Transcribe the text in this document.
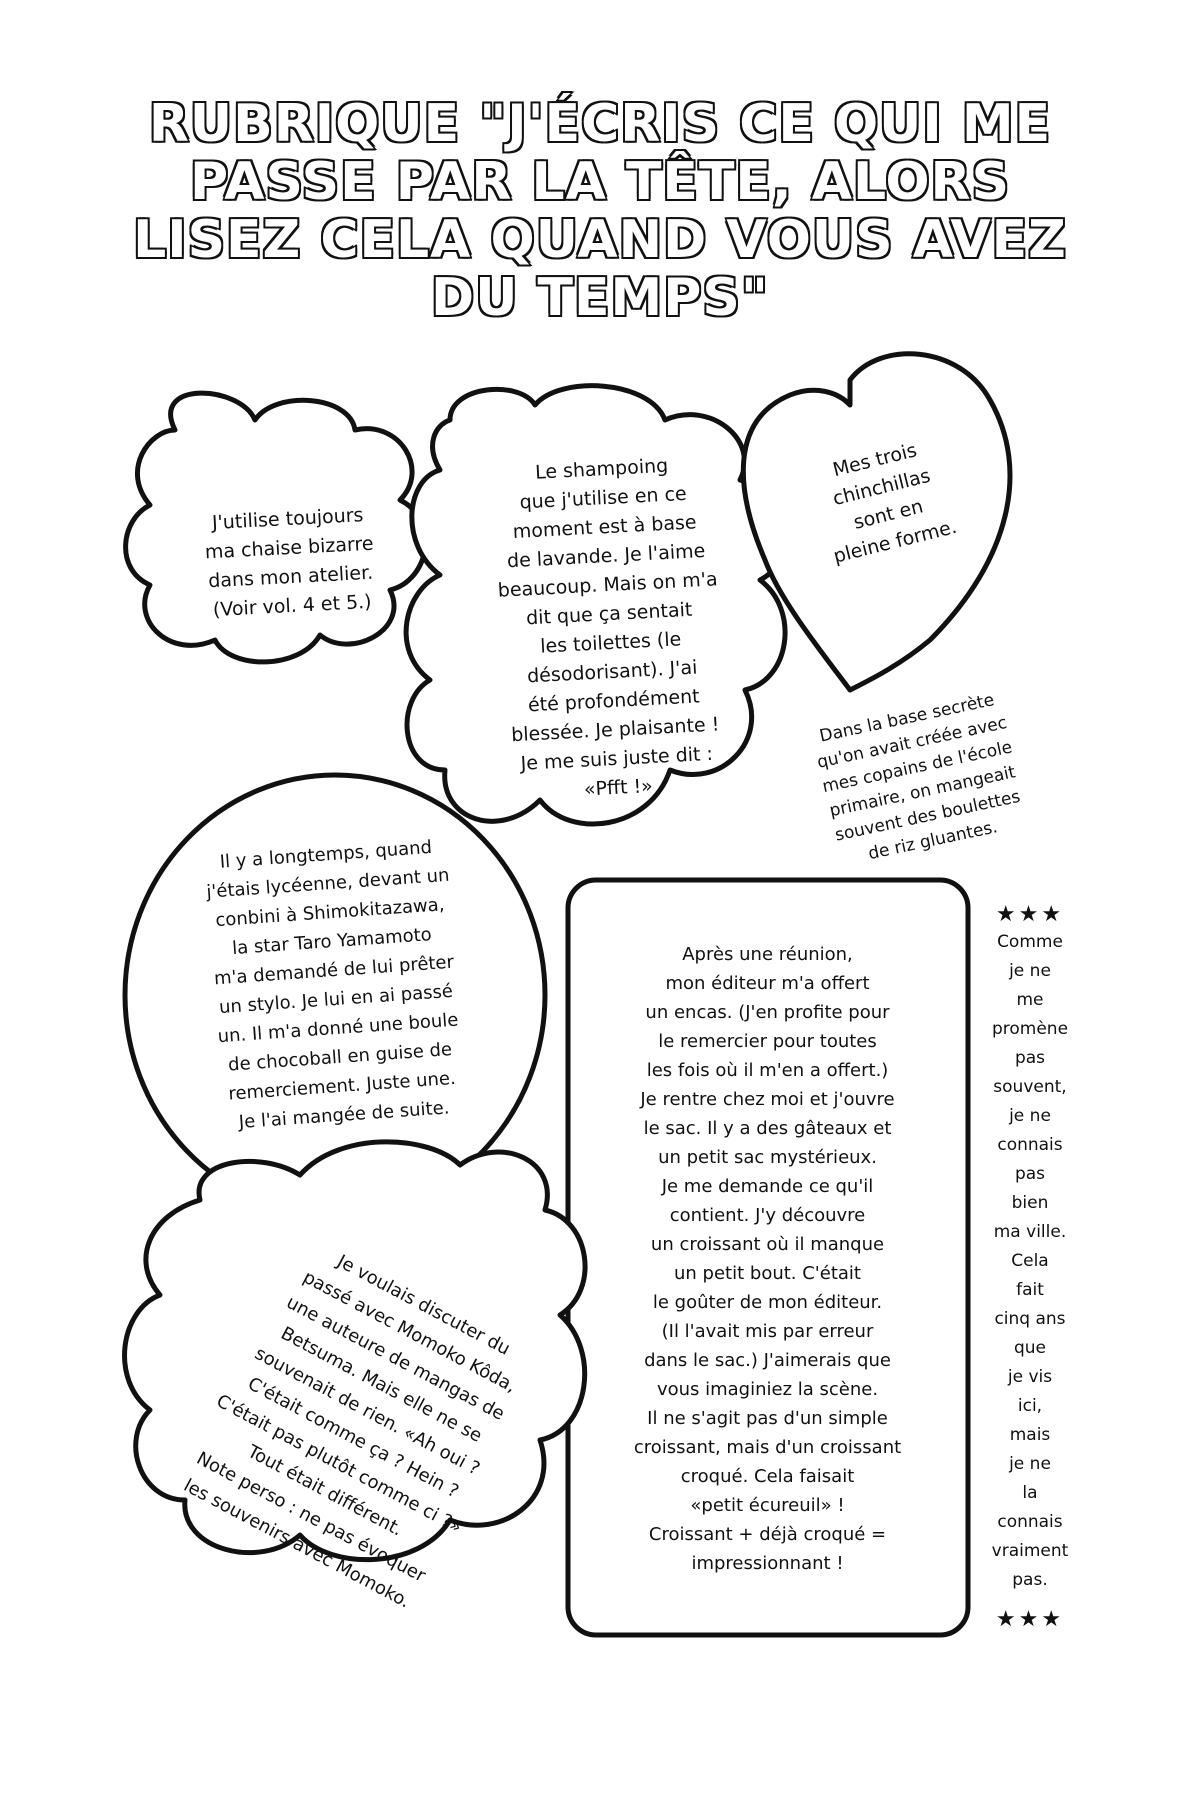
RUBRIQUE "J'ÉCRIS CE QUI ME PASSE PAR LA TÊTE, ALORS LISEZ CELA QUAND VOUS AVEZ DU TEMPS"
J'utilise toujours
ma chaise bizarre
dans mon atelier.
(Voir vol. 4 et 5.)
Le shampoing
que j'utilise en ce
moment est à base
de lavande. Je l'aime
beaucoup. Mais on m'a
dit que ça sentait
les toilettes (le
désodorisant). J'ai
été profondément
blessée. Je plaisante !
Je me suis juste dit :
«Pfft !»
Mes trois
chinchillas
sont en
pleine forme.
Dans la base secrète
qu'on avait créée avec
mes copains de l'école
primaire, on mangeait
souvent des boulettes
de riz gluantes.
Il y a longtemps, quand
j'étais lycéenne, devant un
conbini à Shimokitazawa,
la star Taro Yamamoto
m'a demandé de lui prêter
un stylo. Je lui en ai passé
un. Il m'a donné une boule
de chocoball en guise de
remerciement. Juste une.
Je l'ai mangée de suite.
Après une réunion,
mon éditeur m'a offert
un encas. (J'en profite pour
le remercier pour toutes
les fois où il m'en a offert.)
Je rentre chez moi et j'ouvre
le sac. Il y a des gâteaux et
un petit sac mystérieux.
Je me demande ce qu'il
contient. J'y découvre
un croissant où il manque
un petit bout. C'était
le goûter de mon éditeur.
(Il l'avait mis par erreur
dans le sac.) J'aimerais que
vous imaginiez la scène.
Il ne s'agit pas d'un simple
croissant, mais d'un croissant
croqué. Cela faisait
«petit écureuil» !
Croissant + déjà croqué =
impressionnant !
Je voulais discuter du
passé avec Momoko Kôda,
une auteure de mangas de
Betsuma. Mais elle ne se
souvenait de rien. «Ah oui ?
C'était comme ça ? Hein ?
C'était pas plutôt comme ci ?»
Tout était différent.
Note perso : ne pas évoquer
les souvenirs avec Momoko.
★★★
Comme
je ne
me
promène
pas
souvent,
je ne
connais
pas
bien
ma ville.
Cela
fait
cinq ans
que
je vis
ici,
mais
je ne
la
connais
vraiment
pas.
★★★
